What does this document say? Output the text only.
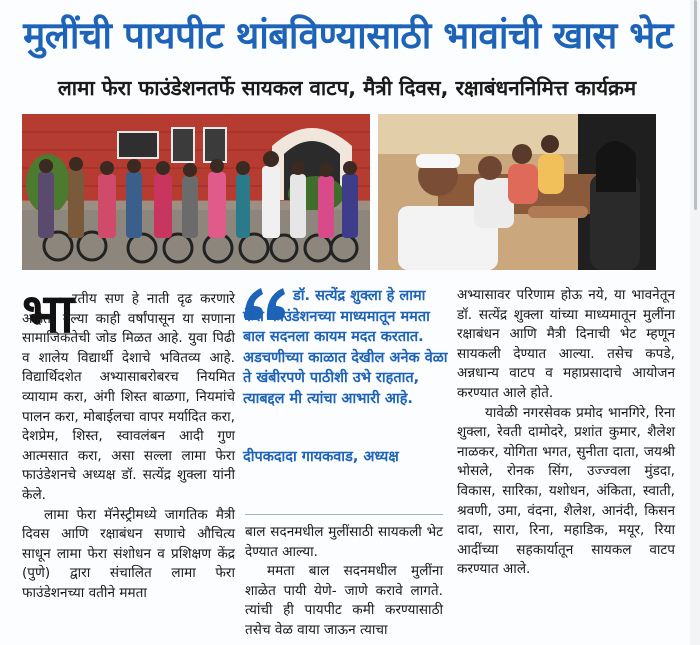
मुलींची पायपीट थांबविण्यासाठी भावांची खास भेट
लामा फेरा फाउंडेशनतर्फे सायकल वाटप, मैत्री दिवस, रक्षाबंधननिमित्त कार्यक्रम
भा

रतीय सण हे नाती दृढ करणारे आहेत. गेल्या काही वर्षांपासून या सणाना सामाजिकतेची जोड मिळत आहे. युवा पिढी व शालेय विद्यार्थी देशाचे भवितव्य आहे. विद्यार्थिदशेत अभ्यासाबरोबरच नियमित व्यायाम करा, अंगी शिस्त बाळगा, नियमांचे पालन करा, मोबाईलचा वापर मर्यादित करा, देशप्रेम, शिस्त, स्वावलंबन आदी गुण आत्मसात करा, असा सल्ला लामा फेरा फाउंडेशनचे अध्यक्ष डॉ. सत्येंद्र शुक्ला यांनी केले.

लामा फेरा मॅनेस्ट्रीमध्ये जागतिक मैत्री दिवस आणि रक्षाबंधन सणाचे औचित्य साधून लामा फेरा संशोधन व प्रशिक्षण केंद्र (पुणे) द्वारा संचालित लामा फेरा फाउंडेशनच्या वतीने ममता

डॉ. सत्येंद्र शुक्ला हे लामा फेरा फाउंडेशनच्या माध्यमातून ममता बाल सदनला कायम मदत करतात. अडचणीच्या काळात देखील अनेक वेळा ते खंबीरपणे पाठीशी उभे राहतात, त्याबद्दल मी त्यांचा आभारी आहे.
दीपकदादा गायकवाड, अध्यक्ष

बाल सदनमधील मुलींसाठी सायकली भेट देण्यात आल्या.

ममता बाल सदनमधील मुलींना शाळेत पायी येणे- जाणे करावे लागते. त्यांची ही पायपीट कमी करण्यासाठी तसेच वेळ वाया जाऊन त्याचा

अभ्यासावर परिणाम होऊ नये, या भावनेतून डॉ. सत्येंद्र शुक्ला यांच्या माध्यमातून मुलींना रक्षाबंधन आणि मैत्री दिनाची भेट म्हणून सायकली देण्यात आल्या. तसेच कपडे, अन्नधान्य वाटप व महाप्रसादाचे आयोजन करण्यात आले होते.

यावेळी नगरसेवक प्रमोद भानगिरे, रिना शुक्ला, रेवती दामोदरे, प्रशांत कुमार, शैलेश नाळकर, योगिता भगत, सुनीता दाता, जयश्री भोसले, रोनक सिंग, उज्ज्वला मुंडदा, विकास, सारिका, यशोधन, अंकिता, स्वाती, श्रवणी, उमा, वंदना, शैलेश, आनंदी, किसन दादा, सारा, रिना, महाडिक, मयूर, रिया आदींच्या सहकार्यातून सायकल वाटप करण्यात आले.
